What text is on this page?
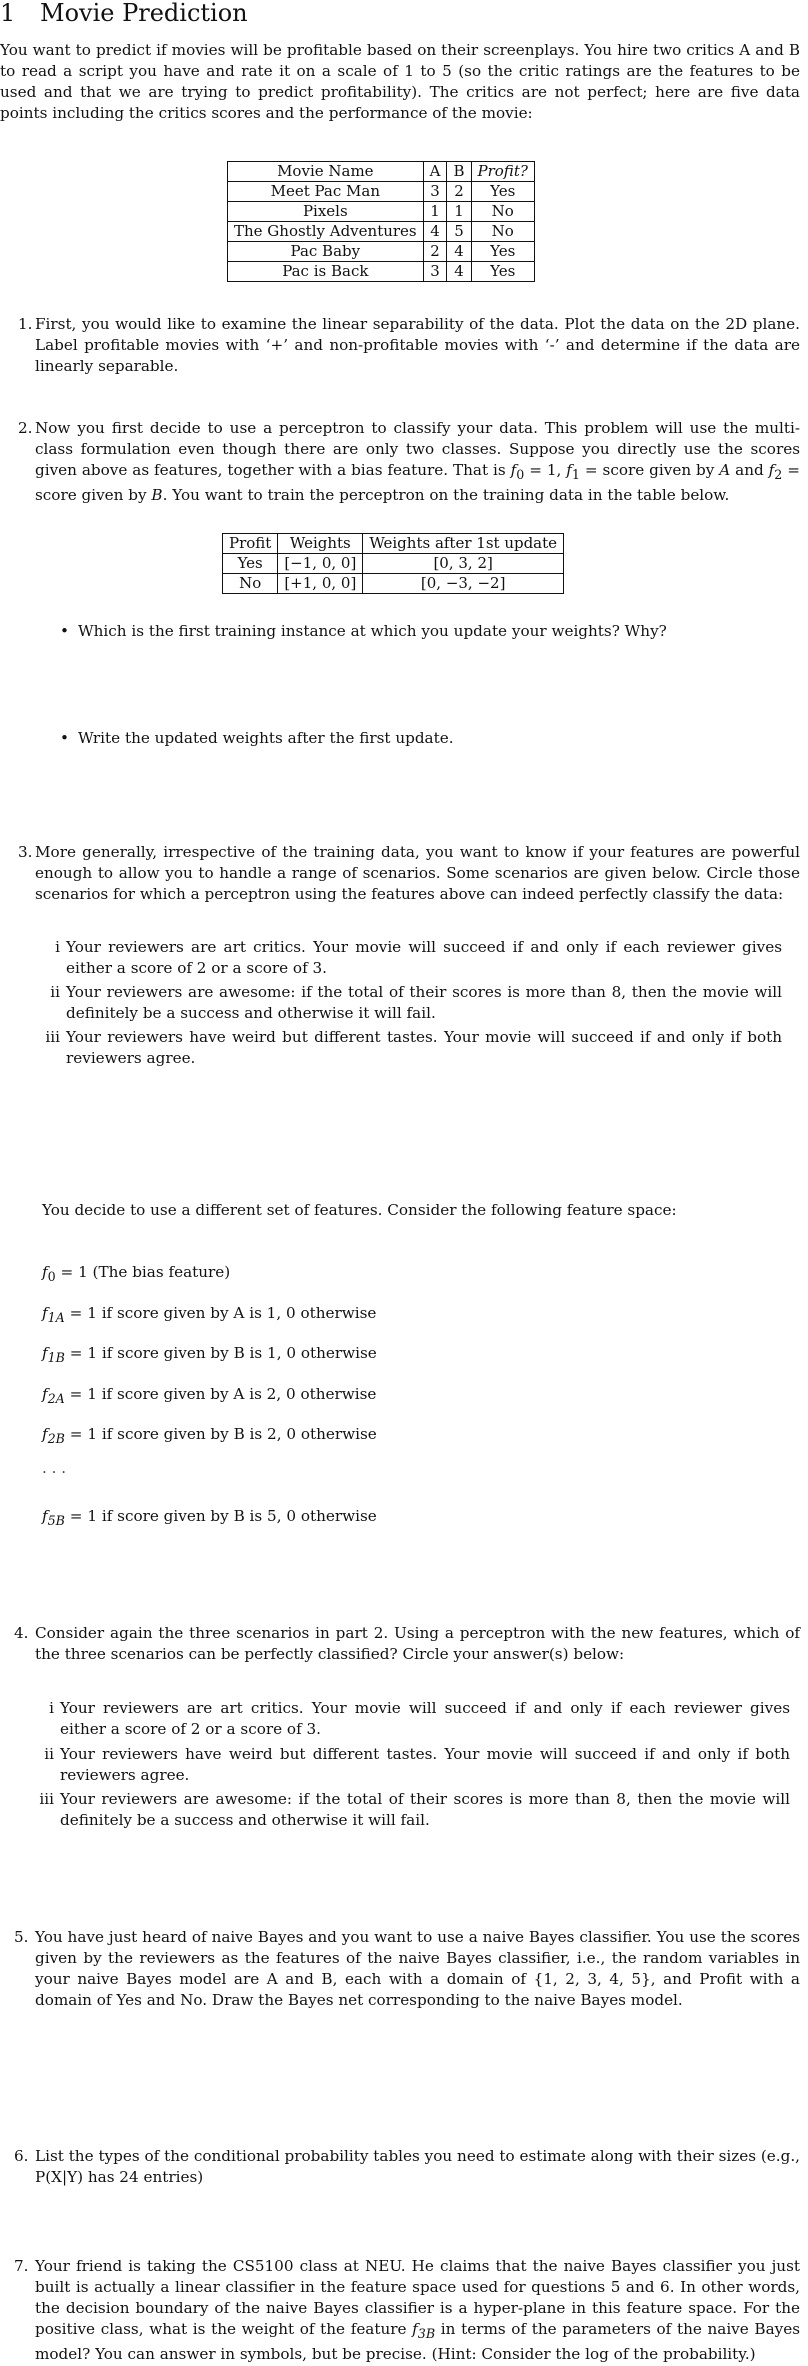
1 Movie Prediction
You want to predict if movies will be profitable based on their screenplays. You hire two critics A and B to read a script you have and rate it on a scale of 1 to 5 (so the critic ratings are the features to be used and that we are trying to predict profitability). The critics are not perfect; here are five data points including the critics scores and the performance of the movie:
Movie Name	A	B	Profit?
Meet Pac Man	3	2	Yes
Pixels	1	1	No
The Ghostly Adventures	4	5	No
Pac Baby	2	4	Yes
Pac is Back	3	4	Yes
1. First, you would like to examine the linear separability of the data. Plot the data on the 2D plane. Label profitable movies with ‘+’ and non-profitable movies with ‘-’ and determine if the data are linearly separable.
2. Now you first decide to use a perceptron to classify your data. This problem will use the multi-class formulation even though there are only two classes. Suppose you directly use the scores given above as features, together with a bias feature. That is $f_0 = 1$, $f_1$ = score given by A and $f_2$ = score given by B. You want to train the perceptron on the training data in the table below.
Profit	Weights	Weights after 1st update
Yes	[−1, 0, 0]	[0, 3, 2]
No	[+1, 0, 0]	[0, −3, −2]
• Which is the first training instance at which you update your weights? Why?
• Write the updated weights after the first update.
3. More generally, irrespective of the training data, you want to know if your features are powerful enough to allow you to handle a range of scenarios. Some scenarios are given below. Circle those scenarios for which a perceptron using the features above can indeed perfectly classify the data:
i Your reviewers are art critics. Your movie will succeed if and only if each reviewer gives either a score of 2 or a score of 3.
ii Your reviewers are awesome: if the total of their scores is more than 8, then the movie will definitely be a success and otherwise it will fail.
iii Your reviewers have weird but different tastes. Your movie will succeed if and only if both reviewers agree.
You decide to use a different set of features. Consider the following feature space:
$f_0 = 1$ (The bias feature)
$f_{1A} = 1$ if score given by A is 1, 0 otherwise
$f_{1B} = 1$ if score given by B is 1, 0 otherwise
$f_{2A} = 1$ if score given by A is 2, 0 otherwise
$f_{2B} = 1$ if score given by B is 2, 0 otherwise
· · ·
$f_{5B} = 1$ if score given by B is 5, 0 otherwise
4. Consider again the three scenarios in part 2. Using a perceptron with the new features, which of the three scenarios can be perfectly classified? Circle your answer(s) below:
i Your reviewers are art critics. Your movie will succeed if and only if each reviewer gives either a score of 2 or a score of 3.
ii Your reviewers have weird but different tastes. Your movie will succeed if and only if both reviewers agree.
iii Your reviewers are awesome: if the total of their scores is more than 8, then the movie will definitely be a success and otherwise it will fail.
5. You have just heard of naive Bayes and you want to use a naive Bayes classifier. You use the scores given by the reviewers as the features of the naive Bayes classifier, i.e., the random variables in your naive Bayes model are A and B, each with a domain of {1, 2, 3, 4, 5}, and Profit with a domain of Yes and No. Draw the Bayes net corresponding to the naive Bayes model.
6. List the types of the conditional probability tables you need to estimate along with their sizes (e.g., P(X|Y) has 24 entries)
7. Your friend is taking the CS5100 class at NEU. He claims that the naive Bayes classifier you just built is actually a linear classifier in the feature space used for questions 5 and 6. In other words, the decision boundary of the naive Bayes classifier is a hyper-plane in this feature space. For the positive class, what is the weight of the feature $f_{3B}$ in terms of the parameters of the naive Bayes model? You can answer in symbols, but be precise. (Hint: Consider the log of the probability.)
